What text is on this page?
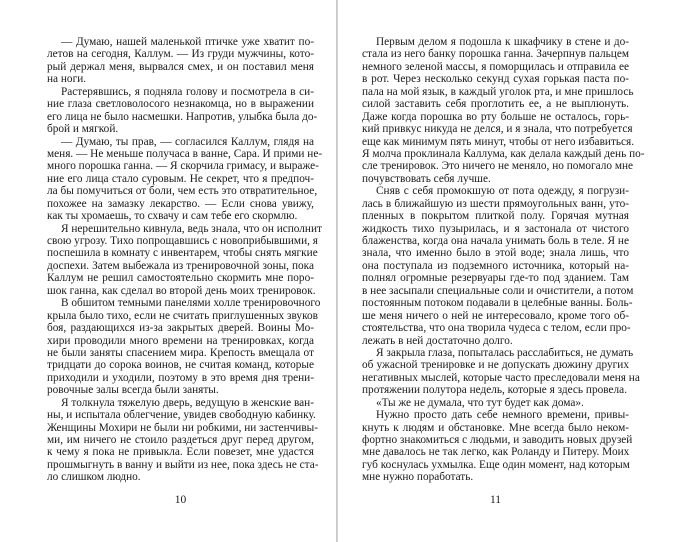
— Думаю, нашей маленькой птичке уже хватит по-
летов на сегодня, Каллум. — Из груди мужчины, кото-
рый держал меня, вырвался смех, и он поставил меня
на ноги.
Растерявшись, я подняла голову и посмотрела в си-
ние глаза светловолосого незнакомца, но в выражении
его лица не было насмешки. Напротив, улыбка была до-
брой и мягкой.
— Думаю, ты прав, — согласился Каллум, глядя на
меня. — Не меньше получаса в ванне, Сара. И прими не-
много порошка ганна. — Я скорчила гримасу, и выраже-
ние его лица стало суровым. Не секрет, что я предпоч-
ла бы помучиться от боли, чем есть это отвратительное,
похожее на замазку лекарство. — Если снова увижу,
как ты хромаешь, то схвачу и сам тебе его скормлю.
Я нерешительно кивнула, ведь знала, что он исполнит
свою угрозу. Тихо попрощавшись с новоприбывшими, я
поспешила в комнату с инвентарем, чтобы снять мягкие
доспехи. Затем выбежала из тренировочной зоны, пока
Каллум не решил самостоятельно скормить мне поро-
шок ганна, как сделал во второй день моих тренировок.
В обшитом темными панелями холле тренировочного
крыла было тихо, если не считать приглушенных звуков
боя, раздающихся из-за закрытых дверей. Воины Мо-
хири проводили много времени на тренировках, когда
не были заняты спасением мира. Крепость вмещала от
тридцати до сорока воинов, не считая команд, которые
приходили и уходили, поэтому в это время дня трени-
ровочные залы всегда были заняты.
Я толкнула тяжелую дверь, ведущую в женские ван-
ны, и испытала облегчение, увидев свободную кабинку.
Женщины Мохири не были ни робкими, ни застенчивы-
ми, им ничего не стоило раздеться друг перед другом,
к чему я пока не привыкла. Если повезет, мне удастся
прошмыгнуть в ванну и выйти из нее, пока здесь не ста-
ло слишком людно.
Первым делом я подошла к шкафчику в стене и до-
стала из него банку порошка ганна. Зачерпнув пальцем
немного зеленой массы, я поморщилась и отправила ее
в рот. Через несколько секунд сухая горькая паста по-
пала на мой язык, в каждый уголок рта, и мне пришлось
силой заставить себя проглотить ее, а не выплюнуть.
Даже когда порошка во рту больше не осталось, горь-
кий привкус никуда не делся, и я знала, что потребуется
еще как минимум пять минут, чтобы от него избавиться.
Я молча проклинала Каллума, как делала каждый день по-
сле тренировок. Это ничего не меняло, но помогало мне
почувствовать себя лучше.
Сняв с себя промокшую от пота одежду, я погрузи-
лась в ближайшую из шести прямоугольных ванн, уто-
пленных в покрытом плиткой полу. Горячая мутная
жидкость тихо пузырилась, и я застонала от чистого
блаженства, когда она начала унимать боль в теле. Я не
знала, что именно было в этой воде; знала лишь, что
она поступала из подземного источника, который на-
полнял огромные резервуары где-то под зданием. Там
в нее засыпали специальные соли и очистители, а потом
постоянным потоком подавали в целебные ванны. Боль-
ше меня ничего о ней не интересовало, кроме того об-
стоятельства, что она творила чудеса с телом, если про-
лежать в ней достаточно долго.
Я закрыла глаза, попыталась расслабиться, не думать
об ужасной тренировке и не допускать дюжину других
негативных мыслей, которые часто преследовали меня на
протяжении полутора недель, которые я здесь провела.
«Ты же не думала, что тут будет как дома».
Нужно просто дать себе немного времени, привы-
кнуть к людям и обстановке. Мне всегда было неком-
фортно знакомиться с людьми, и заводить новых друзей
мне давалось не так легко, как Роланду и Питеру. Моих
губ коснулась ухмылка. Еще один момент, над которым
мне нужно поработать.
10	11
